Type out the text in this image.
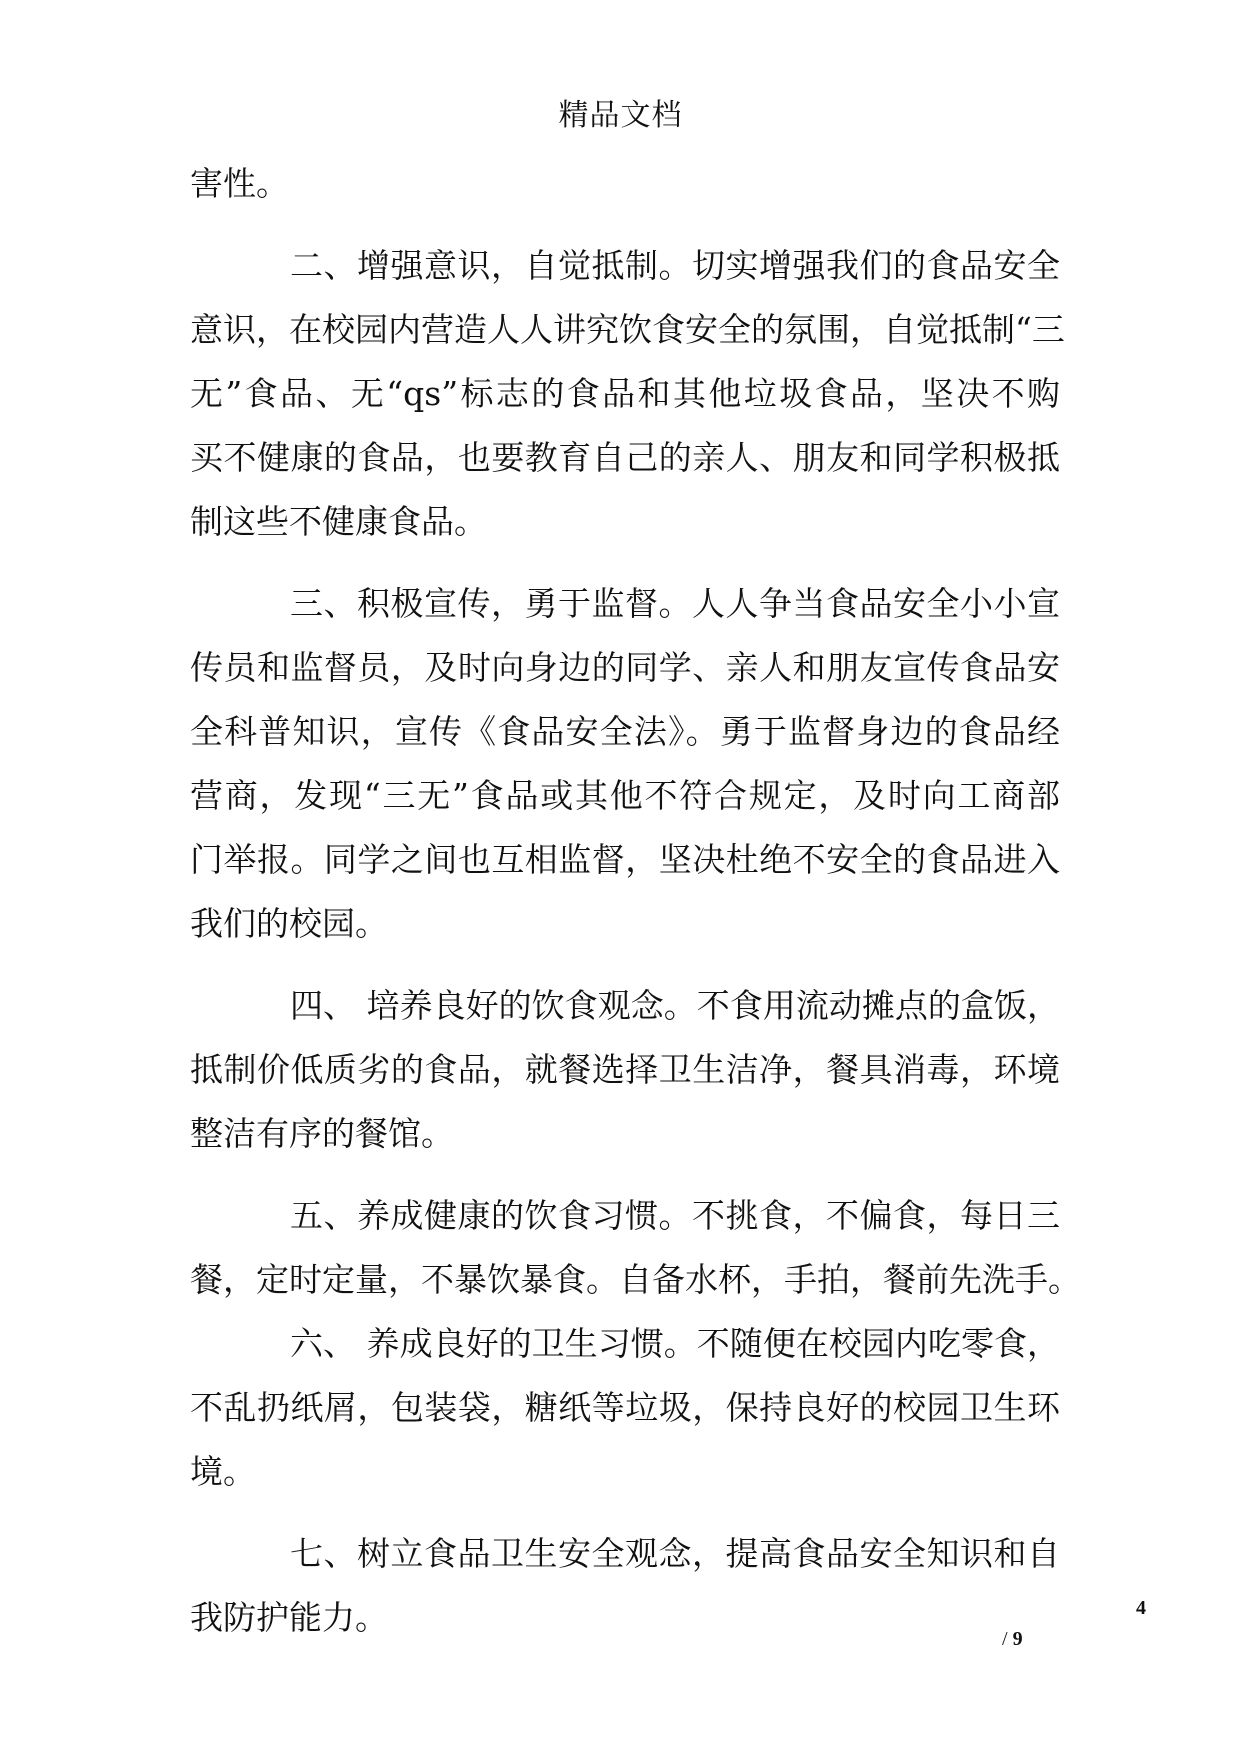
精品文档
害性。
二、增强意识，自觉抵制。切实增强我们的食品安全
意识，在校园内营造人人讲究饮食安全的氛围，自觉抵制“三
无”食品、无“qs”标志的食品和其他垃圾食品，坚决不购
买不健康的食品，也要教育自己的亲人、朋友和同学积极抵
制这些不健康食品。
三、积极宣传，勇于监督。人人争当食品安全小小宣
传员和监督员，及时向身边的同学、亲人和朋友宣传食品安
全科普知识，宣传《食品安全法》。勇于监督身边的食品经
营商，发现“三无”食品或其他不符合规定，及时向工商部
门举报。同学之间也互相监督，坚决杜绝不安全的食品进入
我们的校园。
四、 培养良好的饮食观念。不食用流动摊点的盒饭，
抵制价低质劣的食品，就餐选择卫生洁净，餐具消毒，环境
整洁有序的餐馆。
五、养成健康的饮食习惯。不挑食，不偏食，每日三
餐，定时定量，不暴饮暴食。自备水杯，手拍，餐前先洗手。
六、 养成良好的卫生习惯。不随便在校园内吃零食，
不乱扔纸屑，包装袋，糖纸等垃圾，保持良好的校园卫生环
境。
七、树立食品卫生安全观念，提高食品安全知识和自
我防护能力。	4
/ 9
